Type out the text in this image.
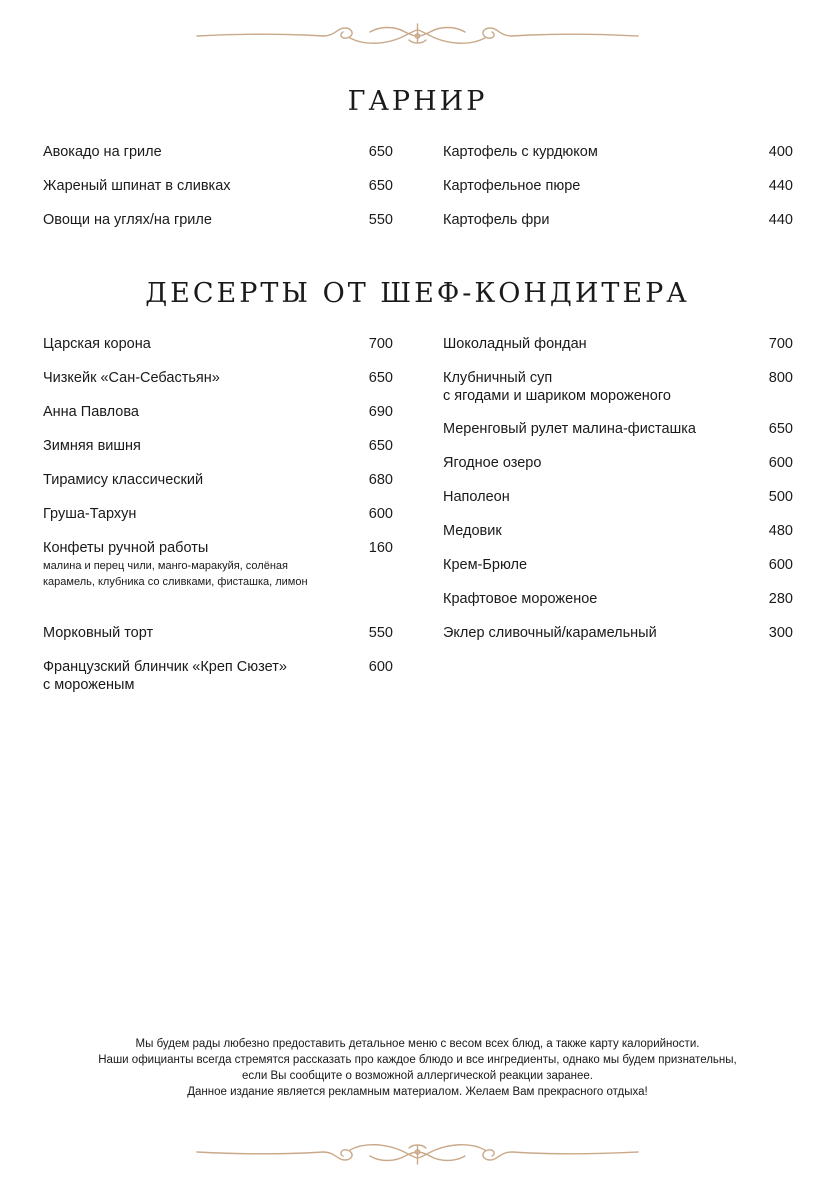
ГАРНИР
Авокадо на гриле	650
Жареный шпинат в сливках	650
Овощи на углях/на гриле	550
Картофель с курдюком	400
Картофельное пюре	440
Картофель фри	440
ДЕСЕРТЫ ОТ ШЕФ-КОНДИТЕРА
Царская корона	700
Чизкейк «Сан-Себастьян»	650
Анна Павлова	690
Зимняя вишня	650
Тирамису классический	680
Груша-Тархун	600
Конфеты ручной работы	160
малина и перец чили, манго-маракуйя, солёная карамель, клубника со сливками, фисташка, лимон
Морковный торт	550
Французский блинчик «Креп Сюзет»
с мороженым
600
Шоколадный фондан	700
Клубничный суп
с ягодами и шариком мороженого
800
Меренговый рулет малина-фисташка	650
Ягодное озеро	600
Наполеон	500
Медовик	480
Крем-Брюле	600
Крафтовое мороженое	280
Эклер сливочный/карамельный	300

Мы будем рады любезно предоставить детальное меню с весом всех блюд, а также карту калорийности.

Наши официанты всегда стремятся рассказать про каждое блюдо и все ингредиенты, однако мы будем признательны,

если Вы сообщите о возможной аллергической реакции заранее.

Данное издание является рекламным материалом. Желаем Вам прекрасного отдыха!
